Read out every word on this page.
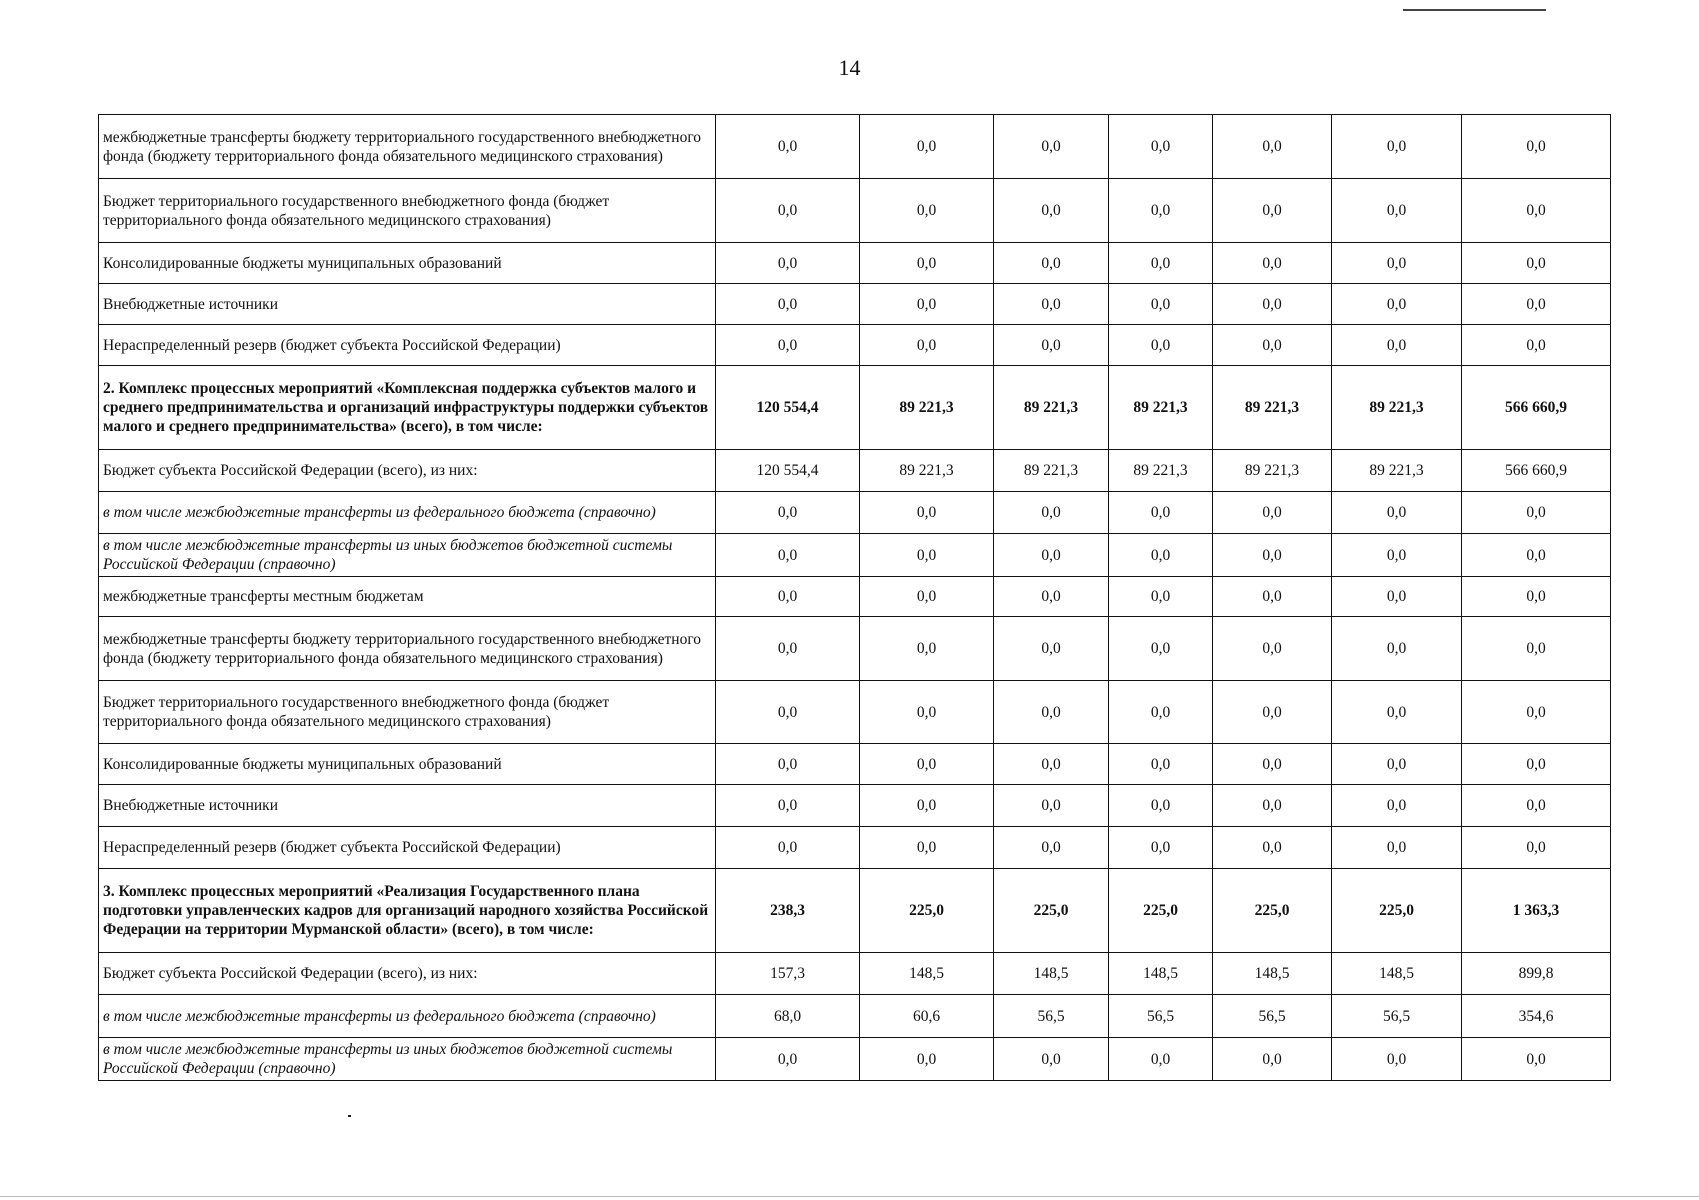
14
межбюджетные трансферты бюджету территориального государственного внебюджетного фонда (бюджету территориального фонда обязательного медицинского страхования)	0,0	0,0	0,0	0,0	0,0	0,0	0,0
Бюджет территориального государственного внебюджетного фонда (бюджет территориального фонда обязательного медицинского страхования)	0,0	0,0	0,0	0,0	0,0	0,0	0,0
Консолидированные бюджеты муниципальных образований	0,0	0,0	0,0	0,0	0,0	0,0	0,0
Внебюджетные источники	0,0	0,0	0,0	0,0	0,0	0,0	0,0
Нераспределенный резерв (бюджет субъекта Российской Федерации)	0,0	0,0	0,0	0,0	0,0	0,0	0,0
2. Комплекс процессных мероприятий «Комплексная поддержка субъектов малого и среднего предпринимательства и организаций инфраструктуры поддержки субъектов малого и среднего предпринимательства» (всего), в том числе:	120 554,4	89 221,3	89 221,3	89 221,3	89 221,3	89 221,3	566 660,9
Бюджет субъекта Российской Федерации (всего), из них:	120 554,4	89 221,3	89 221,3	89 221,3	89 221,3	89 221,3	566 660,9
в том числе межбюджетные трансферты из федерального бюджета (справочно)	0,0	0,0	0,0	0,0	0,0	0,0	0,0
в том числе межбюджетные трансферты из иных бюджетов бюджетной системы Российской Федерации (справочно)	0,0	0,0	0,0	0,0	0,0	0,0	0,0
межбюджетные трансферты местным бюджетам	0,0	0,0	0,0	0,0	0,0	0,0	0,0
межбюджетные трансферты бюджету территориального государственного внебюджетного фонда (бюджету территориального фонда обязательного медицинского страхования)	0,0	0,0	0,0	0,0	0,0	0,0	0,0
Бюджет территориального государственного внебюджетного фонда (бюджет территориального фонда обязательного медицинского страхования)	0,0	0,0	0,0	0,0	0,0	0,0	0,0
Консолидированные бюджеты муниципальных образований	0,0	0,0	0,0	0,0	0,0	0,0	0,0
Внебюджетные источники	0,0	0,0	0,0	0,0	0,0	0,0	0,0
Нераспределенный резерв (бюджет субъекта Российской Федерации)	0,0	0,0	0,0	0,0	0,0	0,0	0,0
3. Комплекс процессных мероприятий «Реализация Государственного плана подготовки управленческих кадров для организаций народного хозяйства Российской Федерации на территории Мурманской области» (всего), в том числе:	238,3	225,0	225,0	225,0	225,0	225,0	1 363,3
Бюджет субъекта Российской Федерации (всего), из них:	157,3	148,5	148,5	148,5	148,5	148,5	899,8
в том числе межбюджетные трансферты из федерального бюджета (справочно)	68,0	60,6	56,5	56,5	56,5	56,5	354,6
в том числе межбюджетные трансферты из иных бюджетов бюджетной системы Российской Федерации (справочно)	0,0	0,0	0,0	0,0	0,0	0,0	0,0
